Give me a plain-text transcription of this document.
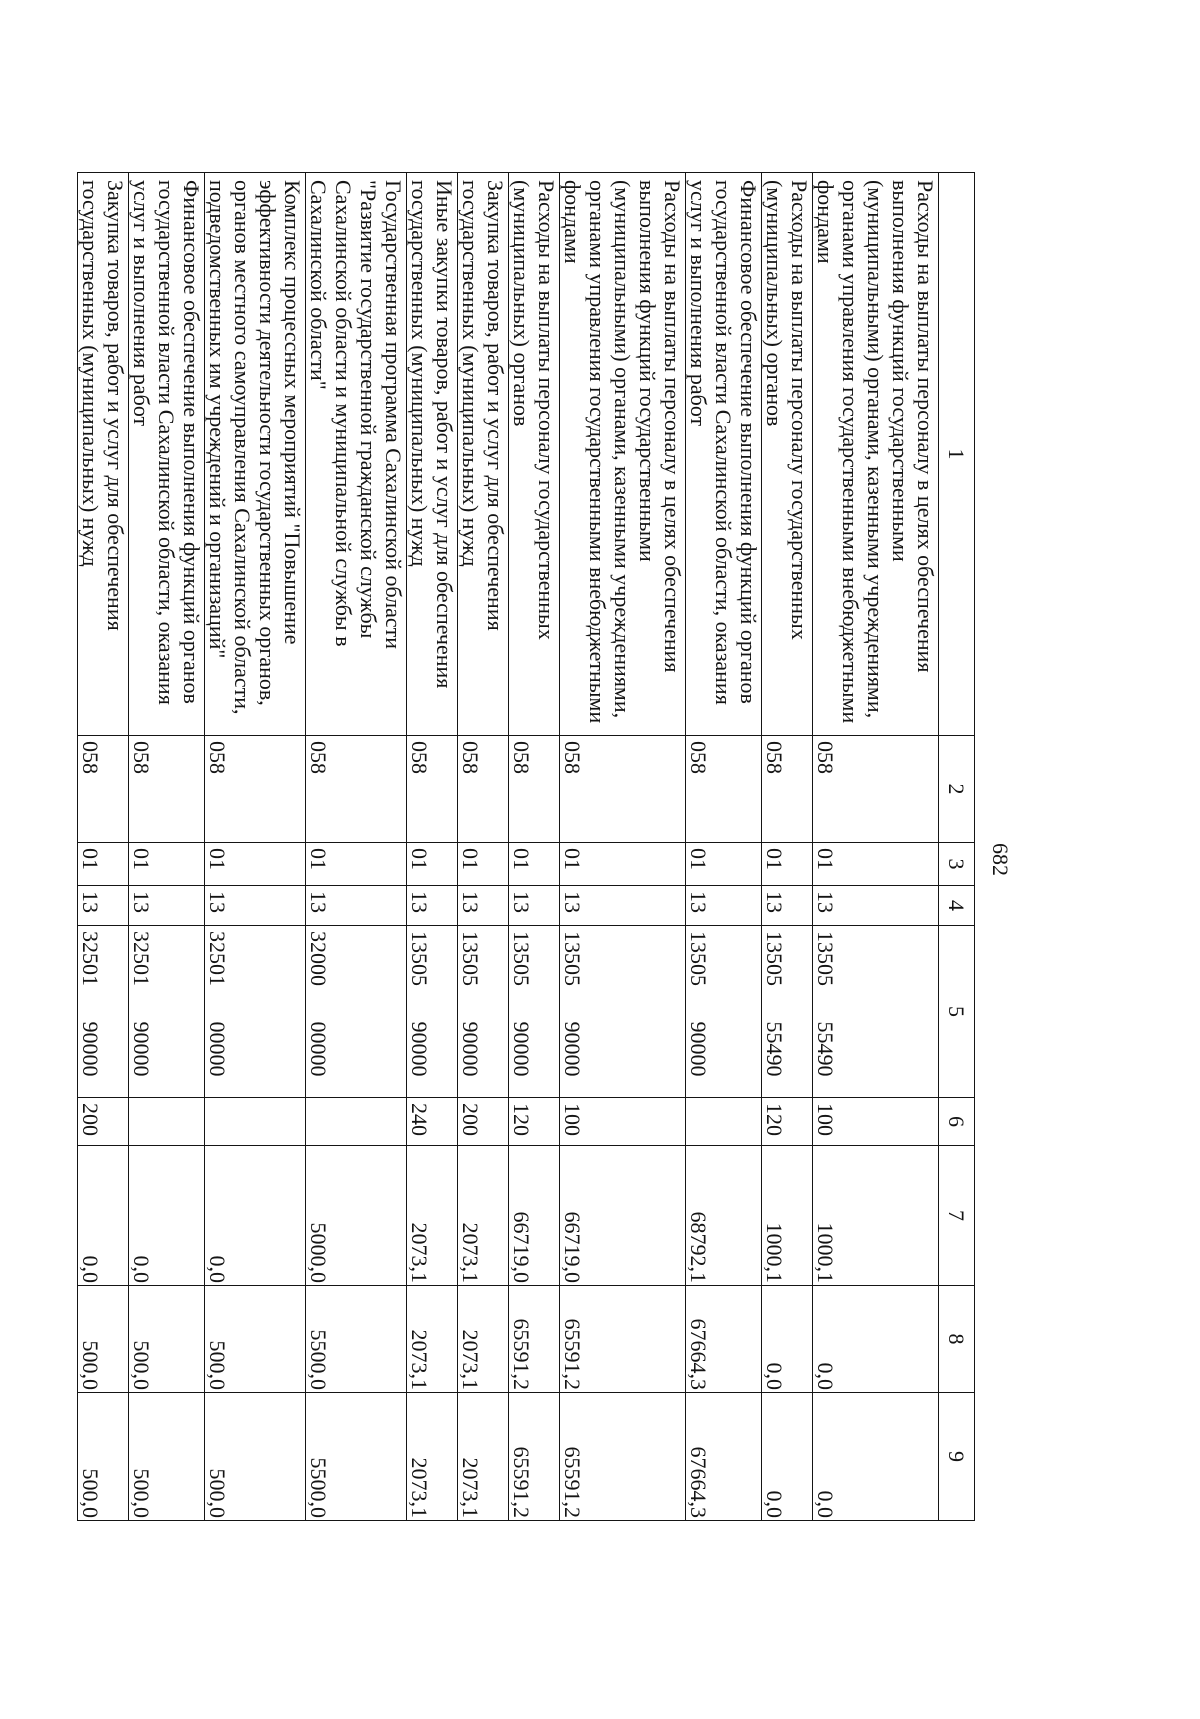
682
1	2	3	4	5	6	7	8	9

Расходы на выплаты персоналу в целях обеспечения
выполнения функций государственными
(муниципальными) органами, казенными учреждениями,
органами управления государственными внебюджетными
фондами	058	01	13	13505 55490	100	1000,1	0,0	0,0

Расходы на выплаты персоналу государственных
(муниципальных) органов	058	01	13	13505 55490	120	1000,1	0,0	0,0

Финансовое обеспечение выполнения функций органов
государственной власти Сахалинской области, оказания
услуг и выполнения работ	058	01	13	13505 90000		68792,1	67664,3	67664,3

Расходы на выплаты персоналу в целях обеспечения
выполнения функций государственными
(муниципальными) органами, казенными учреждениями,
органами управления государственными внебюджетными
фондами	058	01	13	13505 90000	100	66719,0	65591,2	65591,2

Расходы на выплаты персоналу государственных
(муниципальных) органов	058	01	13	13505 90000	120	66719,0	65591,2	65591,2

Закупка товаров, работ и услуг для обеспечения
государственных (муниципальных) нужд	058	01	13	13505 90000	200	2073,1	2073,1	2073,1

Иные закупки товаров, работ и услуг для обеспечения
государственных (муниципальных) нужд	058	01	13	13505 90000	240	2073,1	2073,1	2073,1

Государственная программа Сахалинской области
"Развитие государственной гражданской службы
Сахалинской области и муниципальной службы в
Сахалинской области"	058	01	13	32000 00000		5000,0	5500,0	5500,0

Комплекс процессных мероприятий "Повышение
эффективности деятельности государственных органов,
органов местного самоуправления Сахалинской области,
подведомственных им учреждений и организаций"	058	01	13	32501 00000		0,0	500,0	500,0

Финансовое обеспечение выполнения функций органов
государственной власти Сахалинской области, оказания
услуг и выполнения работ	058	01	13	32501 90000		0,0	500,0	500,0

Закупка товаров, работ и услуг для обеспечения
государственных (муниципальных) нужд	058	01	13	32501 90000	200	0,0	500,0	500,0
